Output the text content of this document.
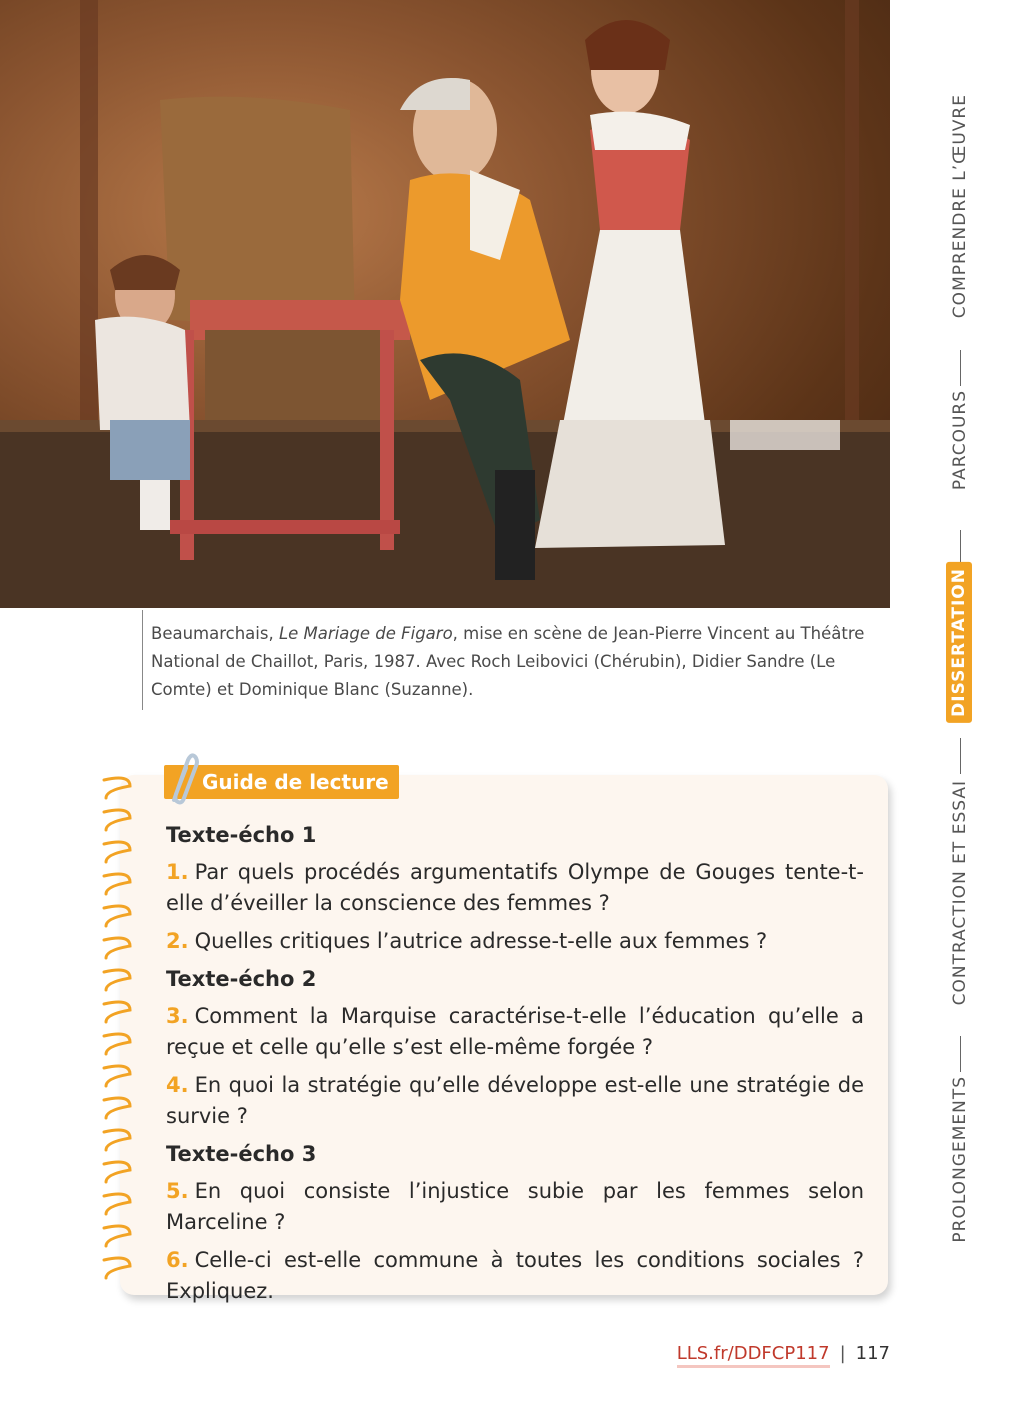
Beaumarchais, Le Mariage de Figaro, mise en scène de Jean-Pierre Vincent au Théâtre National de Chaillot, Paris, 1987. Avec Roch Leibovici (Chérubin), Didier Sandre (Le Comte) et Dominique Blanc (Suzanne).
COMPRENDRE L’ŒUVRE
PARCOURS
DISSERTATION
CONTRACTION ET ESSAI
PROLONGEMENTS
Guide de lecture
Texte-écho 1

1. Par quels procédés argumentatifs Olympe de Gouges tente-t-elle d’éveiller la conscience des femmes ?

2. Quelles critiques l’autrice adresse-t-elle aux femmes ?

Texte-écho 2

3. Comment la Marquise caractérise-t-elle l’éducation qu’elle a reçue et celle qu’elle s’est elle-même forgée ?

4. En quoi la stratégie qu’elle développe est-elle une stratégie de survie ?

Texte-écho 3

5. En quoi consiste l’injustice subie par les femmes selon Marceline ?

6. Celle-ci est-elle commune à toutes les conditions sociales ? Expliquez.

LLS.fr/DDFCP117 | 117
